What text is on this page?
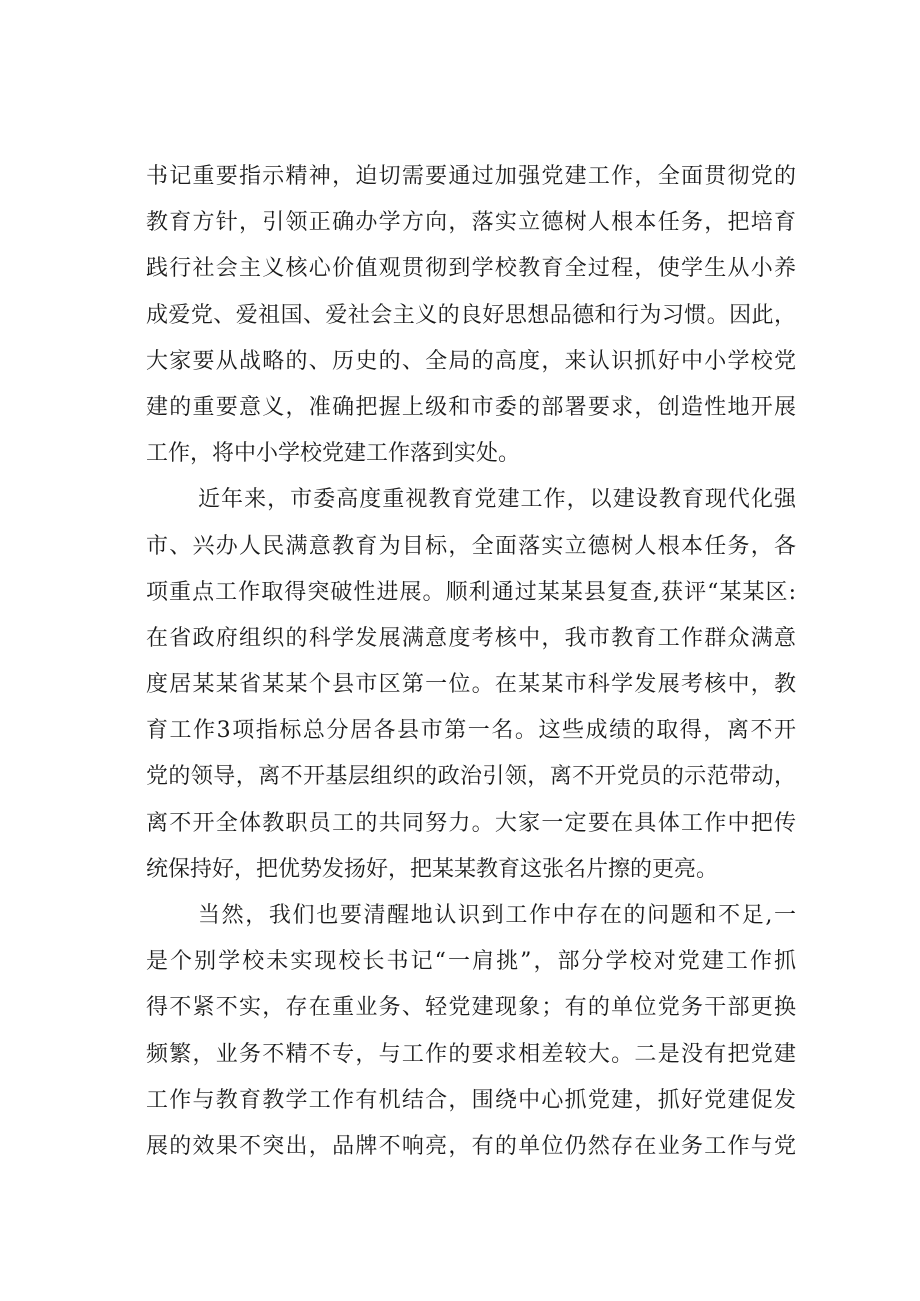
书记重要指示精神，迫切需要通过加强党建工作，全面贯彻党的
教育方针，引领正确办学方向，落实立德树人根本任务，把培育
践行社会主义核心价值观贯彻到学校教育全过程，使学生从小养
成爱党、爱祖国、爱社会主义的良好思想品德和行为习惯。因此，
大家要从战略的、历史的、全局的高度，来认识抓好中小学校党
建的重要意义，准确把握上级和市委的部署要求，创造性地开展
工作，将中小学校党建工作落到实处。
近年来，市委高度重视教育党建工作，以建设教育现代化强
市、兴办人民满意教育为目标，全面落实立德树人根本任务，各
项重点工作取得突破性进展。顺利通过某某县复查,获评“某某区:
在省政府组织的科学发展满意度考核中，我市教育工作群众满意
度居某某省某某个县市区第一位。在某某市科学发展考核中，教
育工作3项指标总分居各县市第一名。这些成绩的取得，离不开
党的领导，离不开基层组织的政治引领，离不开党员的示范带动，
离不开全体教职员工的共同努力。大家一定要在具体工作中把传
统保持好，把优势发扬好，把某某教育这张名片擦的更亮。
当然，我们也要清醒地认识到工作中存在的问题和不足,一
是个别学校未实现校长书记“一肩挑”，部分学校对党建工作抓
得不紧不实，存在重业务、轻党建现象；有的单位党务干部更换
频繁，业务不精不专，与工作的要求相差较大。二是没有把党建
工作与教育教学工作有机结合，围绕中心抓党建，抓好党建促发
展的效果不突出，品牌不响亮，有的单位仍然存在业务工作与党
